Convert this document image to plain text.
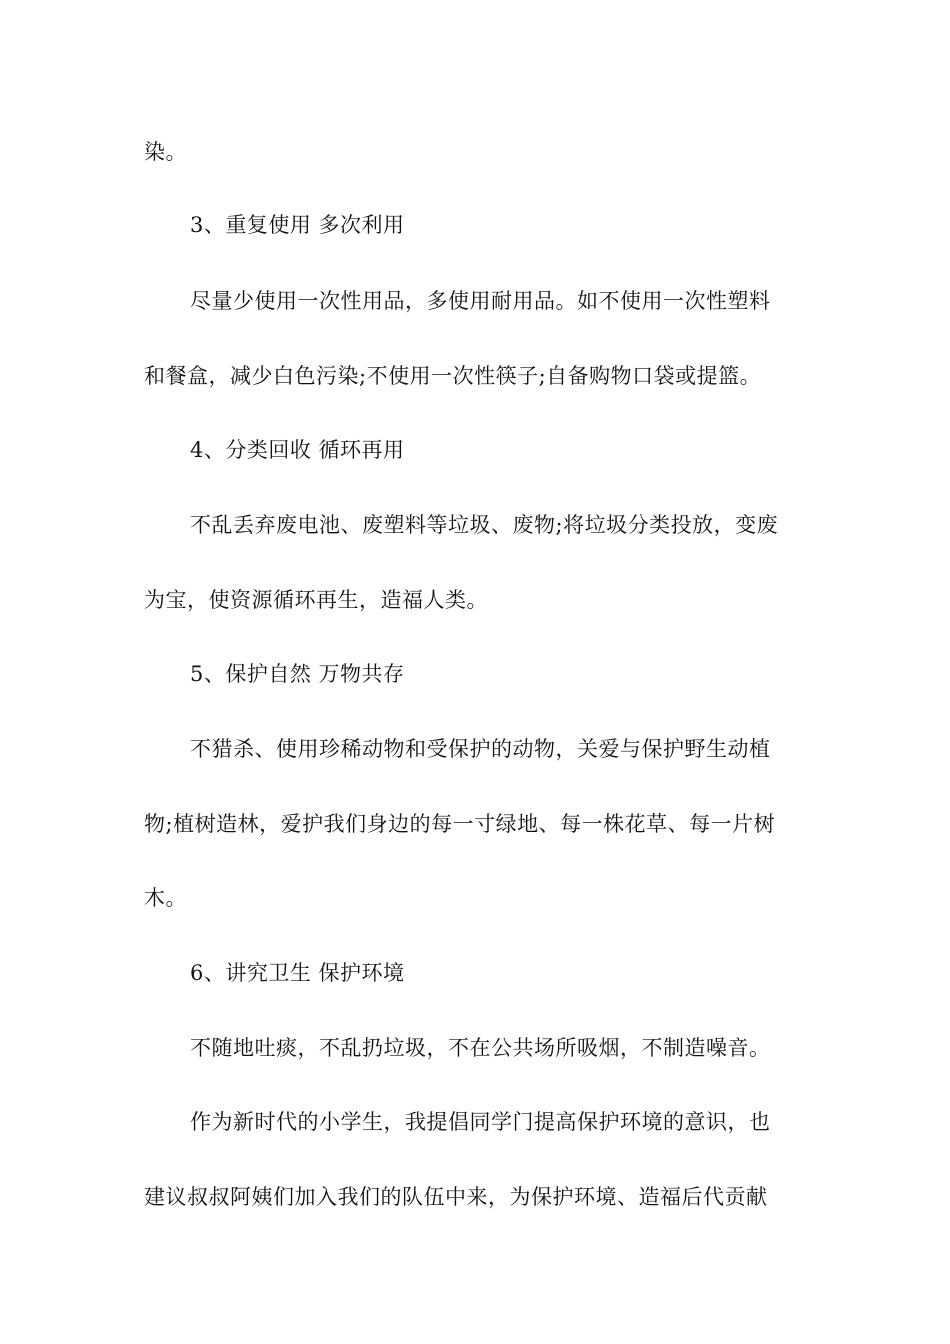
染。
3、重复使用 多次利用
尽量少使用一次性用品，多使用耐用品。如不使用一次性塑料
和餐盒，减少白色污染;不使用一次性筷子;自备购物口袋或提篮。
4、分类回收 循环再用
不乱丢弃废电池、废塑料等垃圾、废物;将垃圾分类投放，变废
为宝，使资源循环再生，造福人类。
5、保护自然 万物共存
不猎杀、使用珍稀动物和受保护的动物，关爱与保护野生动植
物;植树造林，爱护我们身边的每一寸绿地、每一株花草、每一片树
木。
6、讲究卫生 保护环境
不随地吐痰，不乱扔垃圾，不在公共场所吸烟，不制造噪音。
作为新时代的小学生，我提倡同学门提高保护环境的意识，也
建议叔叔阿姨们加入我们的队伍中来，为保护环境、造福后代贡献
